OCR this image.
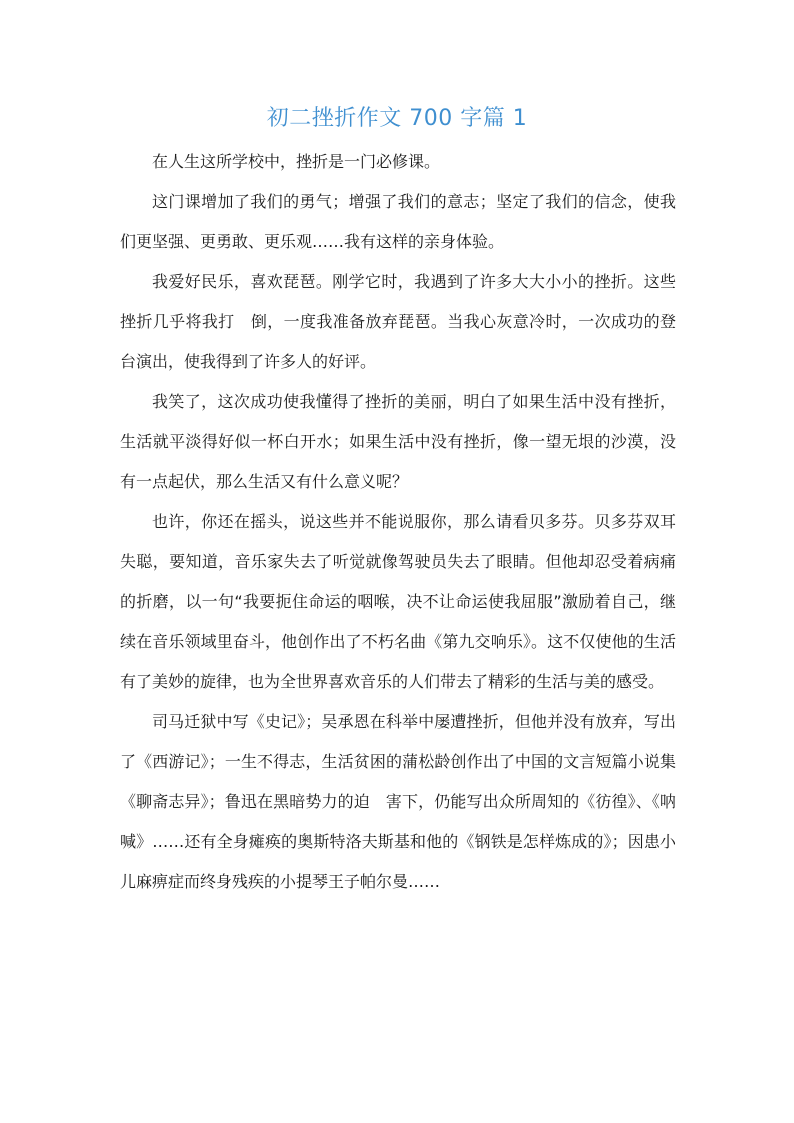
初二挫折作文 700 字篇 1

在人生这所学校中，挫折是一门必修课。

这门课增加了我们的勇气；增强了我们的意志；坚定了我们的信念，使我们更坚强、更勇敢、更乐观……我有这样的亲身体验。

我爱好民乐，喜欢琵琶。刚学它时，我遇到了许多大大小小的挫折。这些挫折几乎将我打　倒，一度我准备放弃琵琶。当我心灰意冷时，一次成功的登台演出，使我得到了许多人的好评。

我笑了，这次成功使我懂得了挫折的美丽，明白了如果生活中没有挫折，生活就平淡得好似一杯白开水；如果生活中没有挫折，像一望无垠的沙漠，没有一点起伏，那么生活又有什么意义呢？

也许，你还在摇头，说这些并不能说服你，那么请看贝多芬。贝多芬双耳失聪，要知道，音乐家失去了听觉就像驾驶员失去了眼睛。但他却忍受着病痛的折磨，以一句“我要扼住命运的咽喉，决不让命运使我屈服”激励着自己，继续在音乐领域里奋斗，他创作出了不朽名曲《第九交响乐》。这不仅使他的生活有了美妙的旋律，也为全世界喜欢音乐的人们带去了精彩的生活与美的感受。

司马迁狱中写《史记》；吴承恩在科举中屡遭挫折，但他并没有放弃，写出了《西游记》；一生不得志，生活贫困的蒲松龄创作出了中国的文言短篇小说集《聊斋志异》；鲁迅在黑暗势力的迫　害下，仍能写出众所周知的《彷徨》、《呐喊》……还有全身瘫痪的奥斯特洛夫斯基和他的《钢铁是怎样炼成的》；因患小儿麻痹症而终身残疾的小提琴王子帕尔曼……
